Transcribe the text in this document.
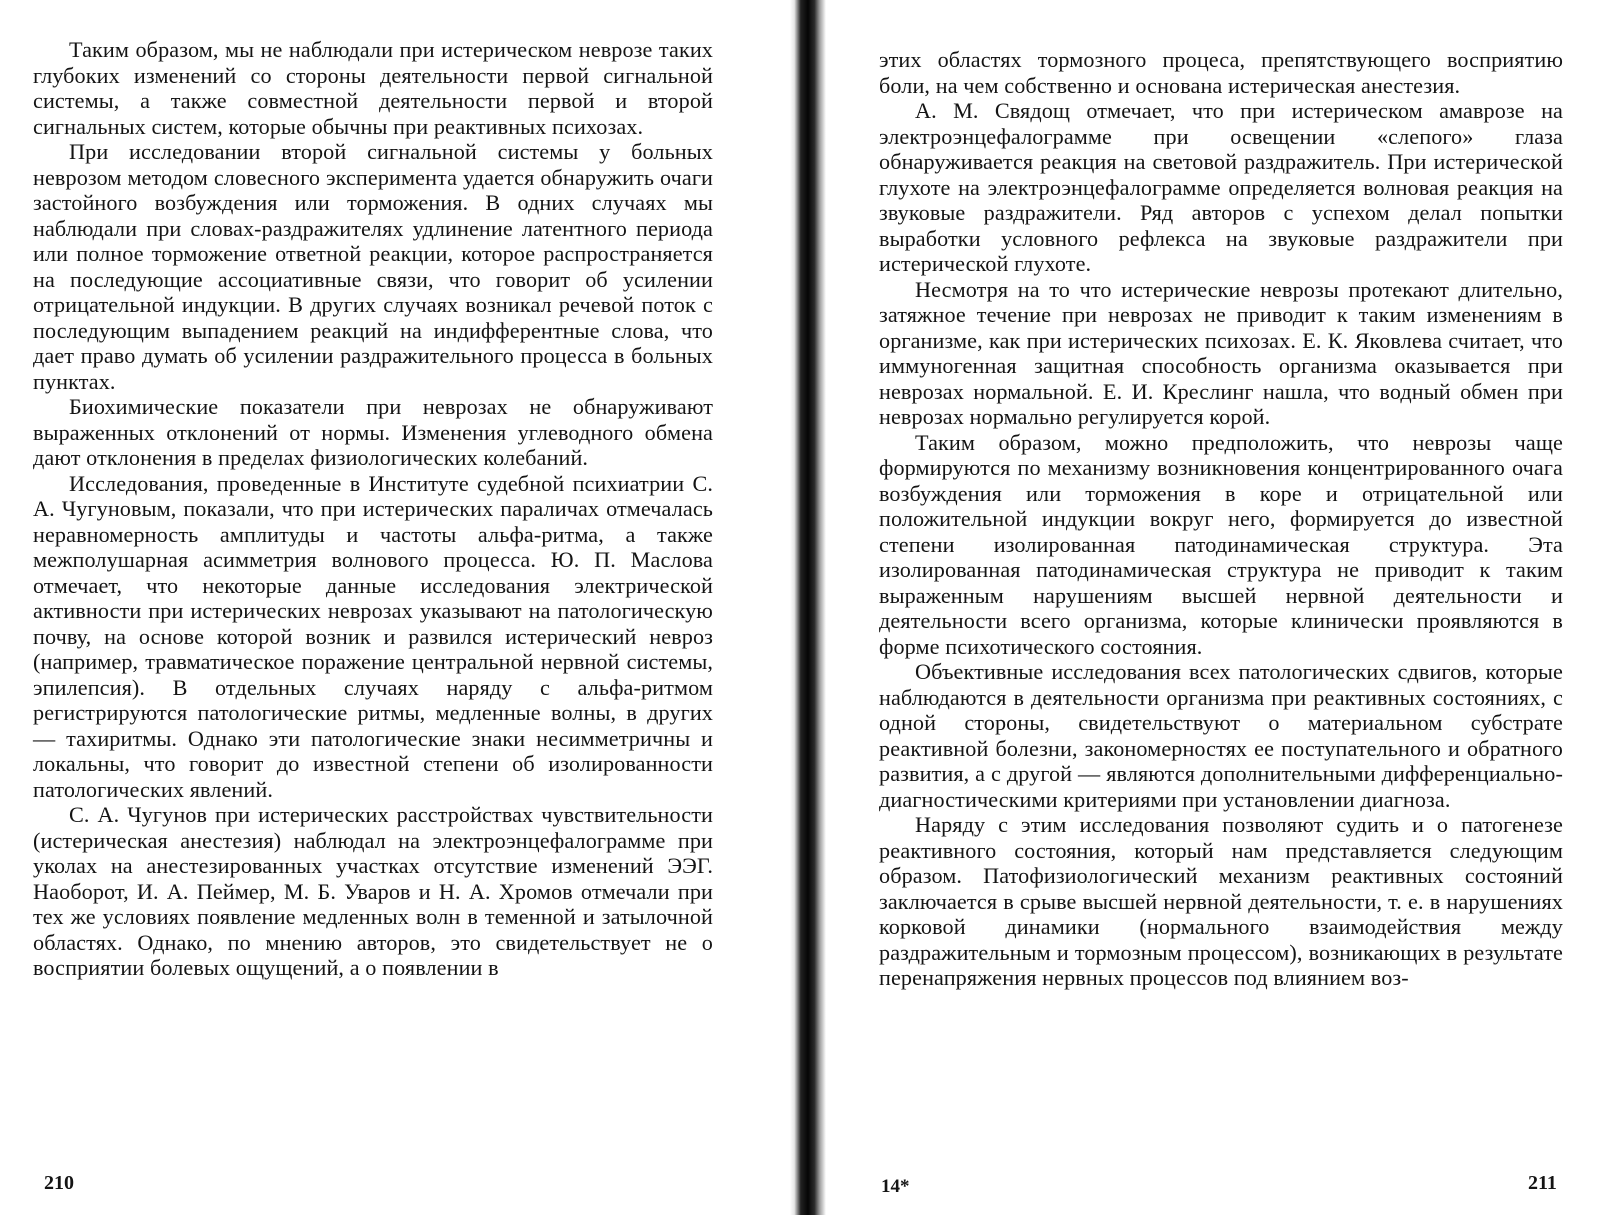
Таким образом, мы не наблюдали при истерическом неврозе таких глубоких изменений со стороны деятельности первой сигнальной системы, а также совместной деятельности первой и второй сигнальных систем, которые обычны при реактивных психозах.

При исследовании второй сигнальной системы у больных неврозом методом словесного эксперимента удается обнаружить очаги застойного возбуждения или торможения. В одних случаях мы наблюдали при словах-раздражителях удлинение латентного периода или полное торможение ответной реакции, которое распространяется на последующие ассоциативные связи, что говорит об усилении отрицательной индукции. В других случаях возникал речевой поток с последующим выпадением реакций на индифферентные слова, что дает право думать об усилении раздражительного процесса в больных пунктах.

Биохимические показатели при неврозах не обнаруживают выраженных отклонений от нормы. Изменения углеводного обмена дают отклонения в пределах физиологических колебаний.

Исследования, проведенные в Институте судебной психиатрии С. А. Чугуновым, показали, что при истерических параличах отмечалась неравномерность амплитуды и частоты альфа-ритма, а также межполушарная асимметрия волнового процесса. Ю. П. Маслова отмечает, что некоторые данные исследования электрической активности при истерических неврозах указывают на патологическую почву, на основе которой возник и развился истерический невроз (например, травматическое поражение центральной нервной системы, эпилепсия). В отдельных случаях наряду с альфа-ритмом регистрируются патологические ритмы, медленные волны, в других — тахиритмы. Однако эти патологические знаки несимметричны и локальны, что говорит до известной степени об изолированности патологических явлений.

С. А. Чугунов при истерических расстройствах чувствительности (истерическая анестезия) наблюдал на электроэнцефалограмме при уколах на анестезированных участках отсутствие изменений ЭЭГ. Наоборот, И. А. Пеймер, М. Б. Уваров и Н. А. Хромов отмечали при тех же условиях появление медленных волн в теменной и затылочной областях. Однако, по мнению авторов, это свидетельствует не о восприятии болевых ощущений, а о появлении в

210

этих областях тормозного процеса, препятствующего восприятию боли, на чем собственно и основана истерическая анестезия.

А. М. Свядощ отмечает, что при истерическом амаврозе на электроэнцефалограмме при освещении «слепого» глаза обнаруживается реакция на световой раздражитель. При истерической глухоте на электроэнцефалограмме определяется волновая реакция на звуковые раздражители. Ряд авторов с успехом делал попытки выработки условного рефлекса на звуковые раздражители при истерической глухоте.

Несмотря на то что истерические неврозы протекают длительно, затяжное течение при неврозах не приводит к таким изменениям в организме, как при истерических психозах. Е. К. Яковлева считает, что иммуногенная защитная способность организма оказывается при неврозах нормальной. Е. И. Креслинг нашла, что водный обмен при неврозах нормально регулируется корой.

Таким образом, можно предположить, что неврозы чаще формируются по механизму возникновения концентрированного очага возбуждения или торможения в коре и отрицательной или положительной индукции вокруг него, формируется до известной степени изолированная патодинамическая структура. Эта изолированная патодинамическая структура не приводит к таким выраженным нарушениям высшей нервной деятельности и деятельности всего организма, которые клинически проявляются в форме психотического состояния.

Объективные исследования всех патологических сдвигов, которые наблюдаются в деятельности организма при реактивных состояниях, с одной стороны, свидетельствуют о материальном субстрате реактивной болезни, закономерностях ее поступательного и обратного развития, а с другой — являются дополнительными дифференциально-диагностическими критериями при установлении диагноза.

Наряду с этим исследования позволяют судить и о патогенезе реактивного состояния, который нам представляется следующим образом. Патофизиологический механизм реактивных состояний заключается в срыве высшей нервной деятельности, т. е. в нарушениях корковой динамики (нормального взаимодействия между раздражительным и тормозным процессом), возникающих в результате перенапряжения нервных процессов под влиянием воз-

14*	211
